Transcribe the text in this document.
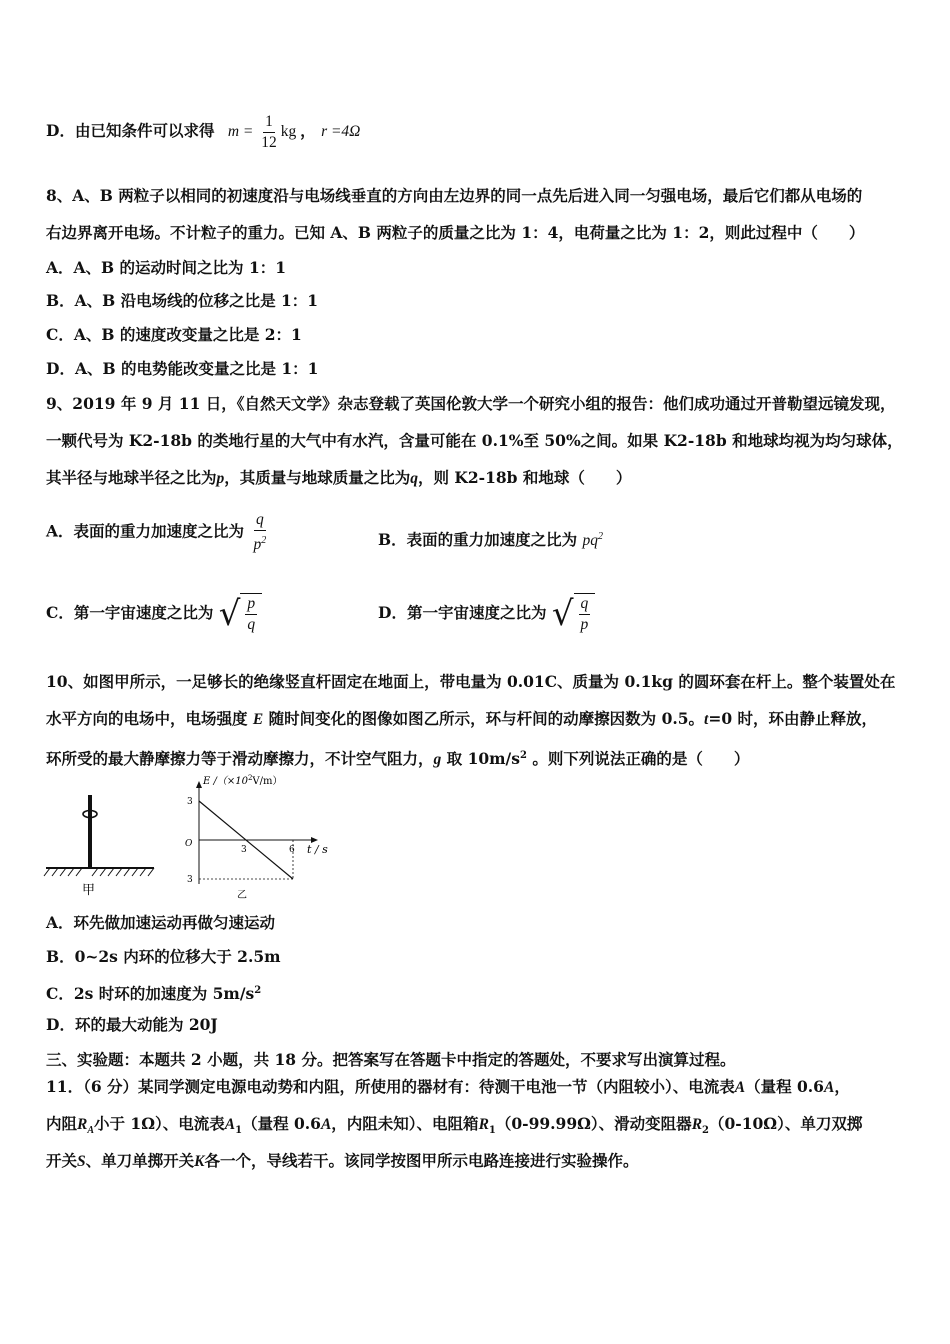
D．由已知条件可以求得 $m = \frac{1}{12}$ kg ， r =4Ω
8、A、B 两粒子以相同的初速度沿与电场线垂直的方向由左边界的同一点先后进入同一匀强电场，最后它们都从电场的
右边界离开电场。不计粒子的重力。已知 A、B 两粒子的质量之比为 1：4，电荷量之比为 1：2，则此过程中（　　）
A．A、B 的运动时间之比为 1：1
B．A、B 沿电场线的位移之比是 1：1
C．A、B 的速度改变量之比是 2：1
D．A、B 的电势能改变量之比是 1：1
9、2019 年 9 月 11 日，《自然天文学》杂志登载了英国伦敦大学一个研究小组的报告：他们成功通过开普勒望远镜发现，
一颗代号为 K2-18b 的类地行星的大气中有水汽，含量可能在 0.1%至 50%之间。如果 K2-18b 和地球均视为均匀球体，
其半径与地球半径之比为p，其质量与地球质量之比为q，则 K2-18b 和地球（　　）
A．表面的重力加速度之比为 $\frac{q}{p^2}$	B．表面的重力加速度之比为 $pq^2$
C．第一宇宙速度之比为 √ $\frac{p}{q}$	D．第一宇宙速度之比为 √ $\frac{q}{p}$
10、如图甲所示，一足够长的绝缘竖直杆固定在地面上，带电量为 0.01C、质量为 0.1kg 的圆环套在杆上。整个装置处在
水平方向的电场中，电场强度 E 随时间变化的图像如图乙所示，环与杆间的动摩擦因数为 0.5。t=0 时，环由静止释放，
环所受的最大静摩擦力等于滑动摩擦力，不计空气阻力，g 取 $10m/s^2$ 。则下列说法正确的是（　　）
甲
E $/(\times 10^2V/m)$
t / s
O
3
3
3	6
乙
A．环先做加速运动再做匀速运动
B．0~2s 内环的位移大于 2.5m
C．2s 时环的加速度为 $5m/s^2$
D．环的最大动能为 20J
三、实验题：本题共 2 小题，共 18 分。把答案写在答题卡中指定的答题处，不要求写出演算过程。
11．（6 分）某同学测定电源电动势和内阻，所使用的器材有：待测干电池一节（内阻较小）、电流表A（量程 0.6A，
内阻$R_A$小于 1Ω）、电流表$A_1$（量程 0.6A，内阻未知）、电阻箱$R_1(0-99.99\Omega)$、滑动变阻器$R_2(0-10\Omega)$、单刀双掷
开关S、单刀单掷开关K各一个，导线若干。该同学按图甲所示电路连接进行实验操作。
